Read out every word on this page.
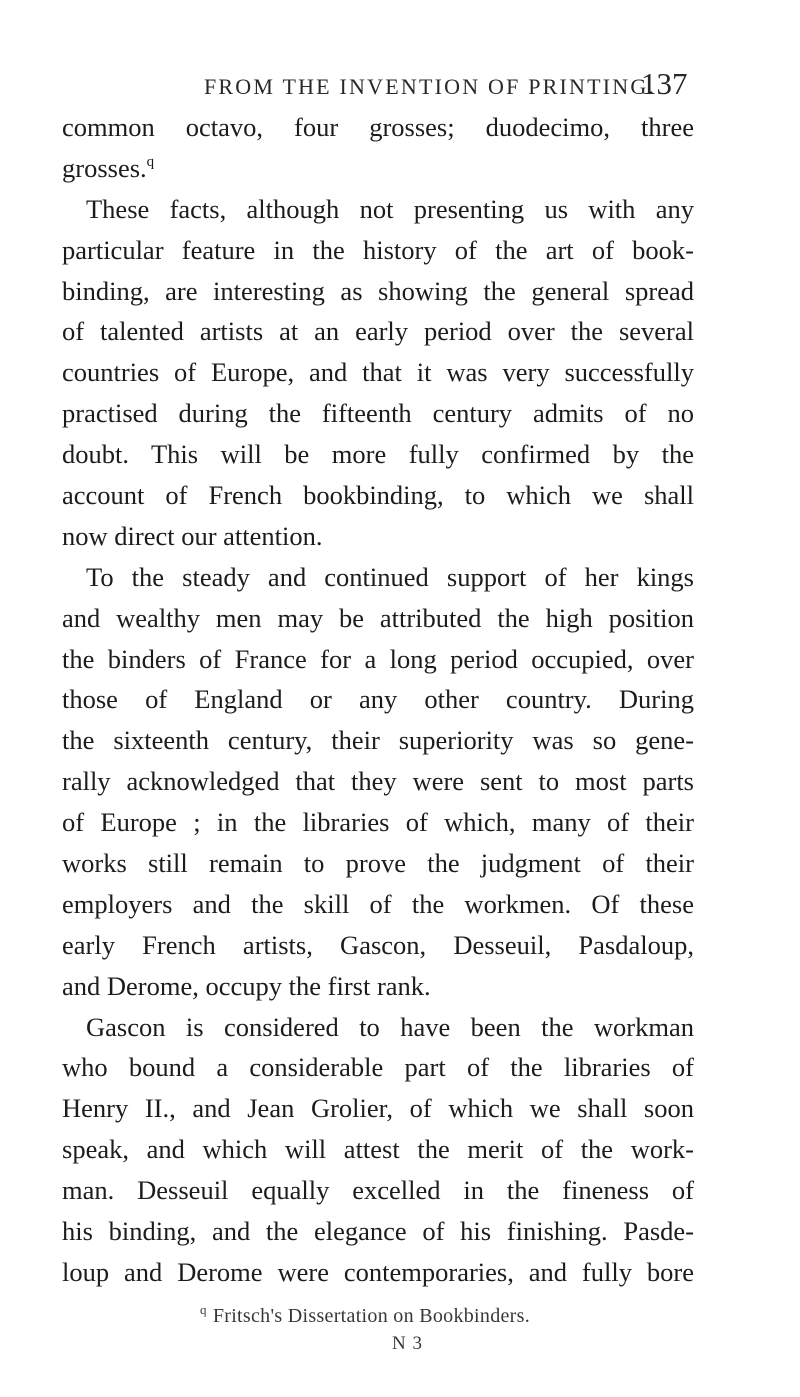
FROM THE INVENTION OF PRINTING.
137
common octavo, four grosses; duodecimo, three
grosses.$^q$
These facts, although not presenting us with any
particular feature in the history of the art of book-
binding, are interesting as showing the general spread
of talented artists at an early period over the several
countries of Europe, and that it was very successfully
practised during the fifteenth century admits of no
doubt. This will be more fully confirmed by the
account of French bookbinding, to which we shall
now direct our attention.
To the steady and continued support of her kings
and wealthy men may be attributed the high position
the binders of France for a long period occupied, over
those of England or any other country. During
the sixteenth century, their superiority was so gene-
rally acknowledged that they were sent to most parts
of Europe ; in the libraries of which, many of their
works still remain to prove the judgment of their
employers and the skill of the workmen. Of these
early French artists, Gascon, Desseuil, Pasdaloup,
and Derome, occupy the first rank.
Gascon is considered to have been the workman
who bound a considerable part of the libraries of
Henry II., and Jean Grolier, of which we shall soon
speak, and which will attest the merit of the work-
man. Desseuil equally excelled in the fineness of
his binding, and the elegance of his finishing. Pasde-
loup and Derome were contemporaries, and fully bore
$^q$ Fritsch's Dissertation on Bookbinders.
N 3
